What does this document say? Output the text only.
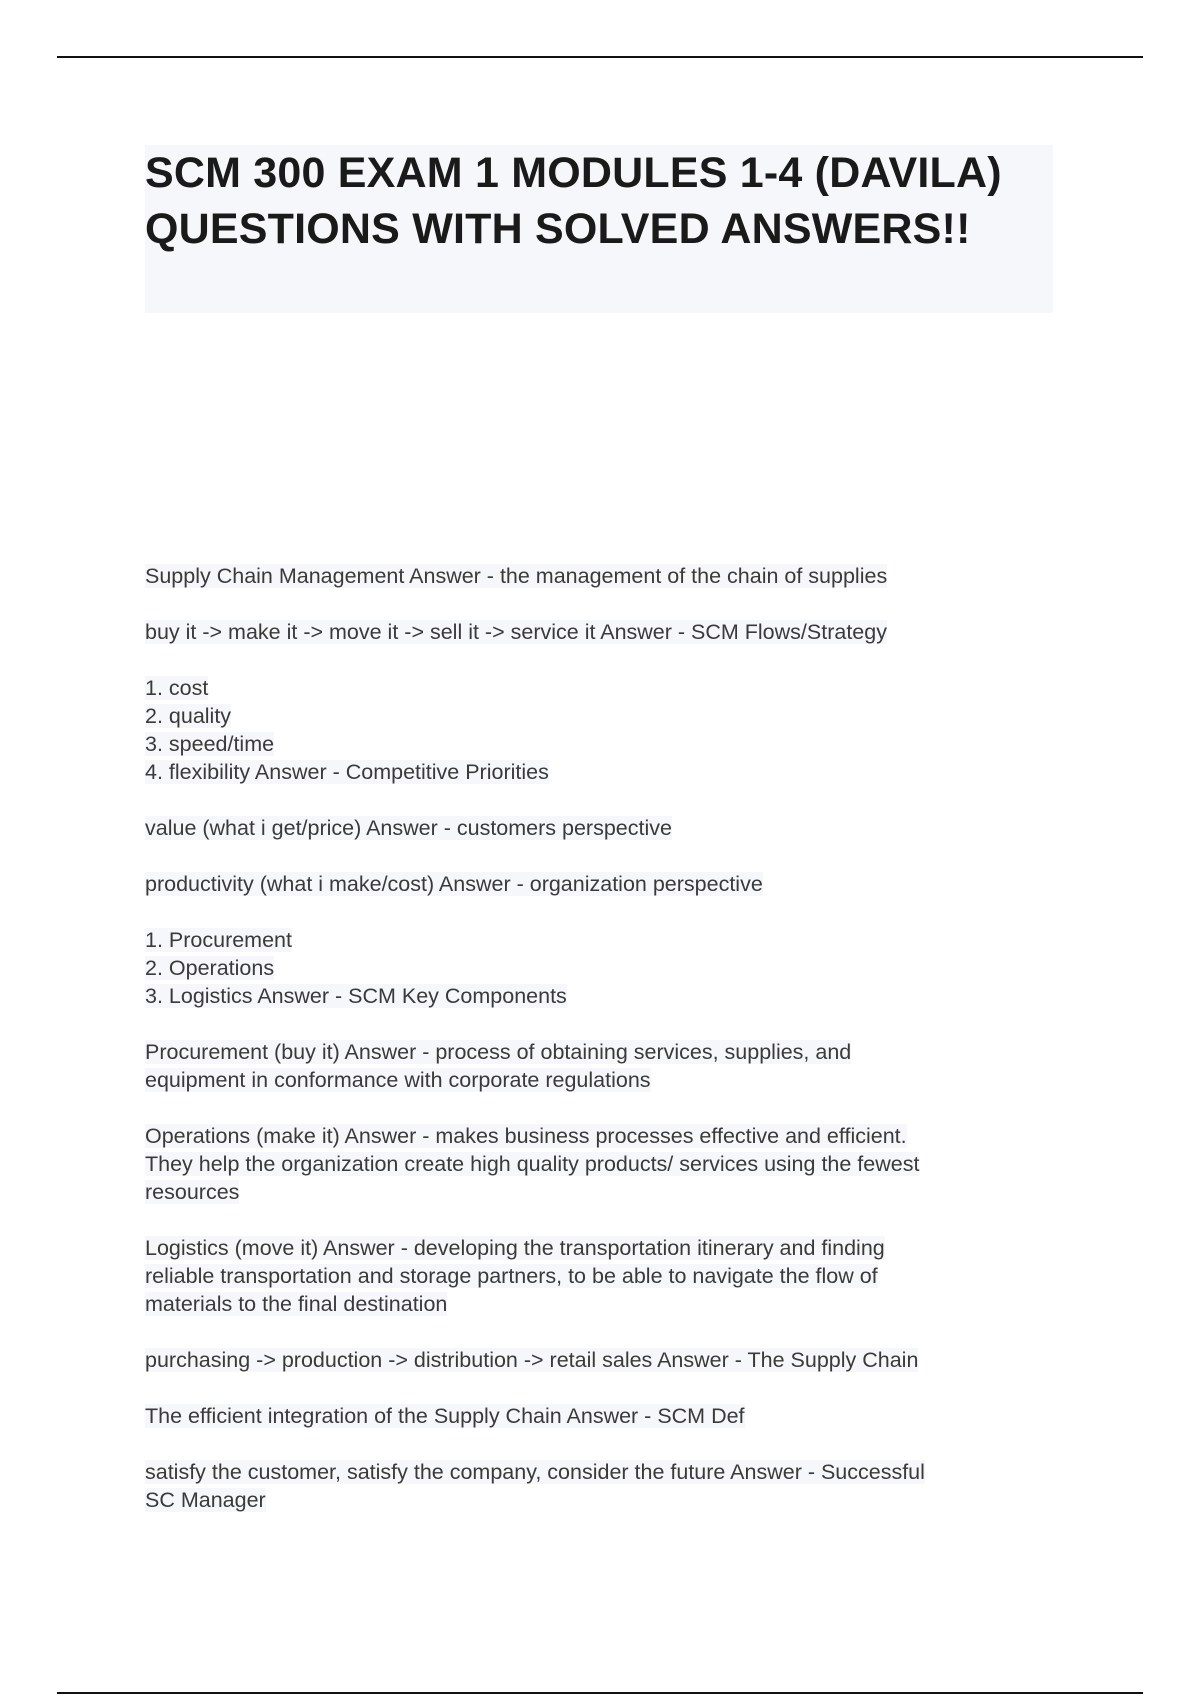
SCM 300 EXAM 1 MODULES 1-4 (DAVILA) QUESTIONS WITH SOLVED ANSWERS!!

Supply Chain Management Answer - the management of the chain of supplies

buy it -> make it -> move it -> sell it -> service it Answer - SCM Flows/Strategy

1. cost
2. quality
3. speed/time
4. flexibility Answer - Competitive Priorities

value (what i get/price) Answer - customers perspective

productivity (what i make/cost) Answer - organization perspective

1. Procurement
2. Operations
3. Logistics Answer - SCM Key Components

Procurement (buy it) Answer - process of obtaining services, supplies, and
equipment in conformance with corporate regulations

Operations (make it) Answer - makes business processes effective and efficient.
They help the organization create high quality products/ services using the fewest
resources

Logistics (move it) Answer - developing the transportation itinerary and finding
reliable transportation and storage partners, to be able to navigate the flow of
materials to the final destination

purchasing -> production -> distribution -> retail sales Answer - The Supply Chain

The efficient integration of the Supply Chain Answer - SCM Def

satisfy the customer, satisfy the company, consider the future Answer - Successful
SC Manager
